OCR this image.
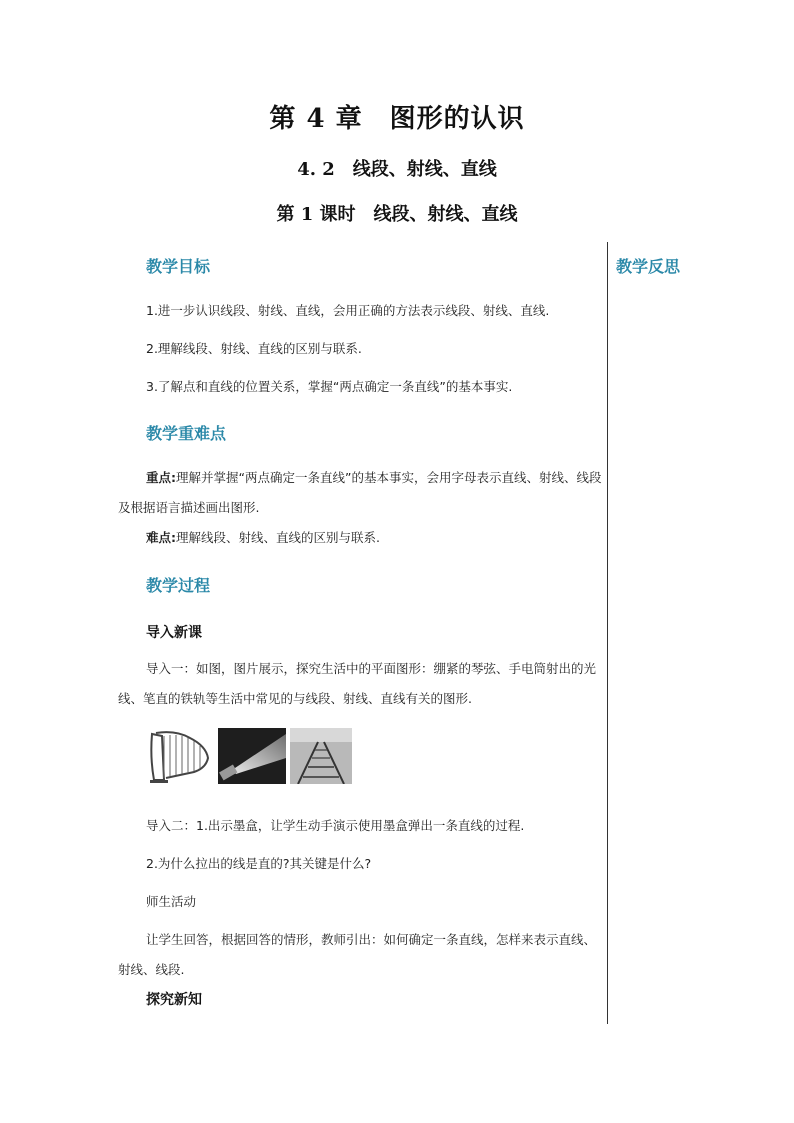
第 4 章　图形的认识
4. 2　线段、射线、直线
第 1 课时　线段、射线、直线
教学反思
教学目标
1.进一步认识线段、射线、直线，会用正确的方法表示线段、射线、直线.
2.理解线段、射线、直线的区别与联系.
3.了解点和直线的位置关系，掌握“两点确定一条直线”的基本事实.
教学重难点
重点:理解并掌握“两点确定一条直线”的基本事实，会用字母表示直线、射线、线段及根据语言描述画出图形.
难点:理解线段、射线、直线的区别与联系.
教学过程
导入新课
导入一：如图，图片展示，探究生活中的平面图形：绷紧的琴弦、手电筒射出的光线、笔直的铁轨等生活中常见的与线段、射线、直线有关的图形.
导入二：1.出示墨盒，让学生动手演示使用墨盒弹出一条直线的过程.
2.为什么拉出的线是直的?其关键是什么?
师生活动
让学生回答，根据回答的情形，教师引出：如何确定一条直线，怎样来表示直线、射线、线段.
探究新知
